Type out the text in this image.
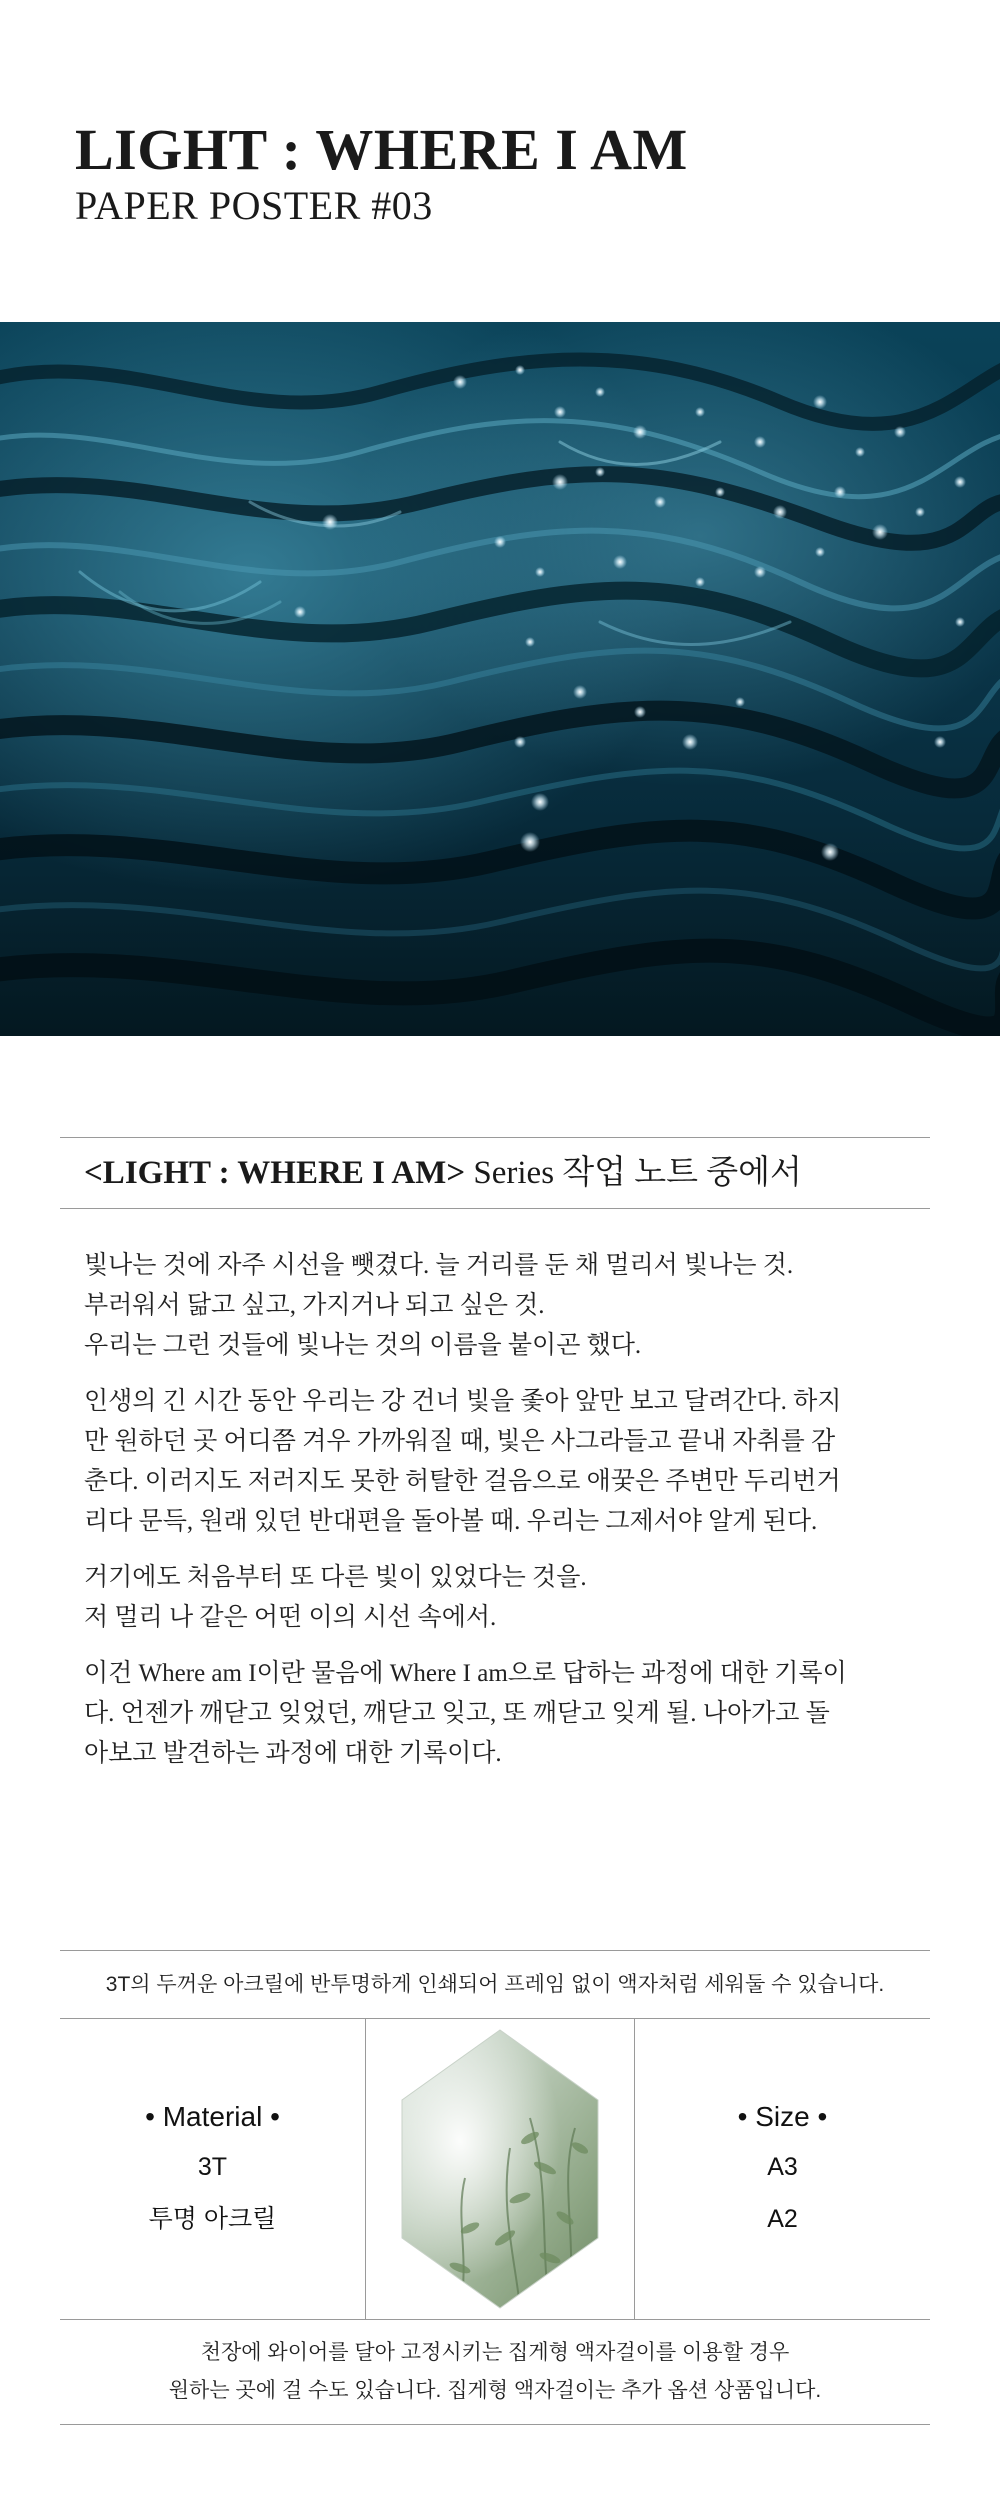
LIGHT : WHERE I AM
PAPER POSTER #03
<LIGHT : WHERE I AM> Series 작업 노트 중에서

빛나는 것에 자주 시선을 뺏겼다. 늘 거리를 둔 채 멀리서 빛나는 것.
부러워서 닮고 싶고, 가지거나 되고 싶은 것.
우리는 그런 것들에 빛나는 것의 이름을 붙이곤 했다.

인생의 긴 시간 동안 우리는 강 건너 빛을 좇아 앞만 보고 달려간다. 하지
만 원하던 곳 어디쯤 겨우 가까워질 때, 빛은 사그라들고 끝내 자취를 감
춘다. 이러지도 저러지도 못한 허탈한 걸음으로 애꿎은 주변만 두리번거
리다 문득, 원래 있던 반대편을 돌아볼 때. 우리는 그제서야 알게 된다.

거기에도 처음부터 또 다른 빛이 있었다는 것을.
저 멀리 나 같은 어떤 이의 시선 속에서.

이건 Where am I이란 물음에 Where I am으로 답하는 과정에 대한 기록이
다. 언젠가 깨닫고 잊었던, 깨닫고 잊고, 또 깨닫고 잊게 될. 나아가고 돌
아보고 발견하는 과정에 대한 기록이다.

3T의 두꺼운 아크릴에 반투명하게 인쇄되어 프레임 없이 액자처럼 세워둘 수 있습니다.
• Material •
3T
투명 아크릴
• Size •
A3
A2
천장에 와이어를 달아 고정시키는 집게형 액자걸이를 이용할 경우
원하는 곳에 걸 수도 있습니다. 집게형 액자걸이는 추가 옵션 상품입니다.
